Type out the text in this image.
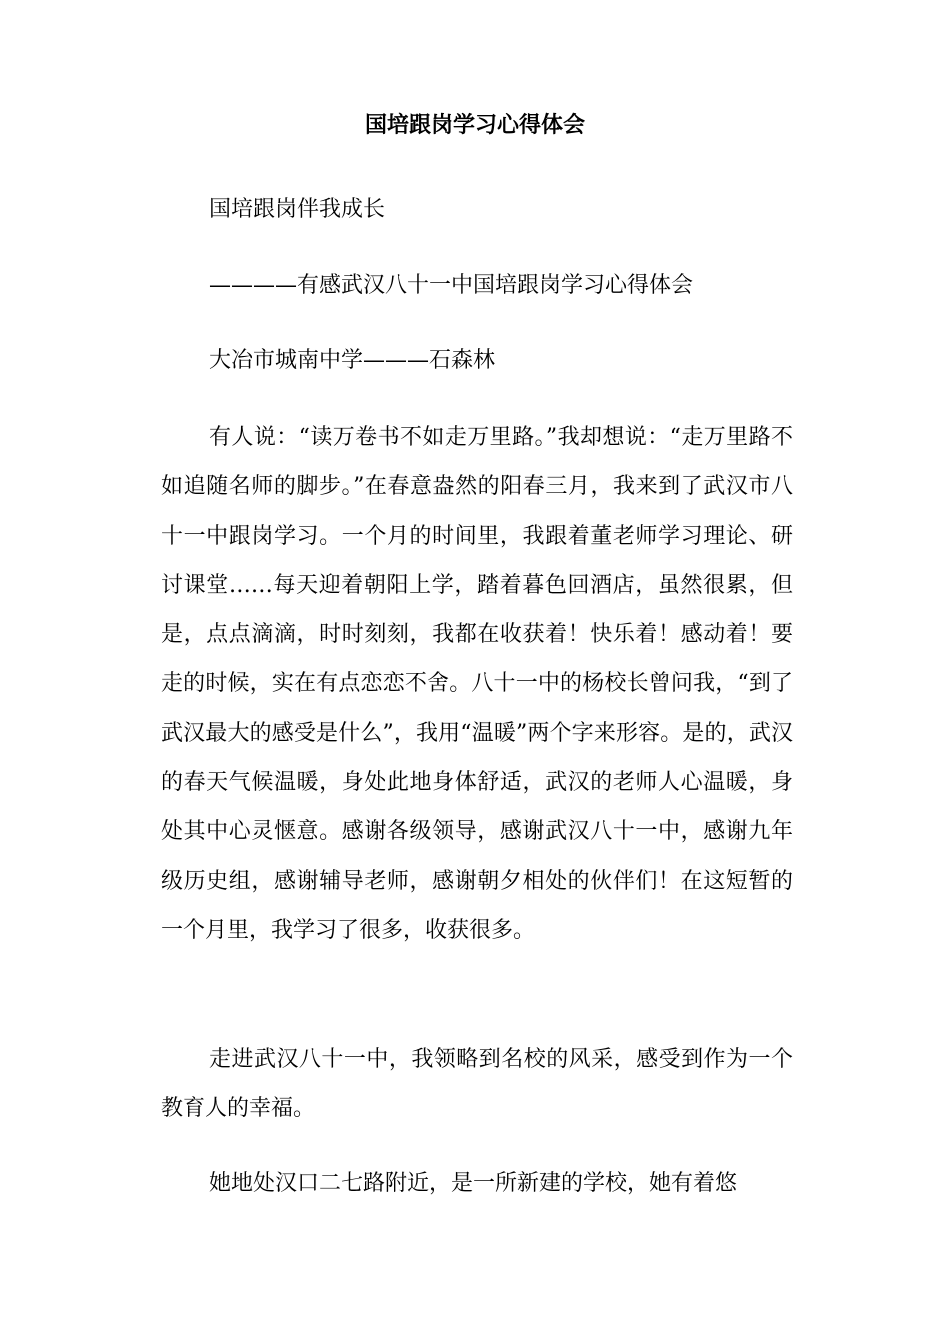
国培跟岗学习心得体会
国培跟岗伴我成长
————有感武汉八十一中国培跟岗学习心得体会
大冶市城南中学———石森林

有人说：“读万卷书不如走万里路。”我却想说：“走万里路不如追随名师的脚步。”在春意盎然的阳春三月，我来到了武汉市八十一中跟岗学习。一个月的时间里，我跟着董老师学习理论、研讨课堂……每天迎着朝阳上学，踏着暮色回酒店，虽然很累，但是，点点滴滴，时时刻刻，我都在收获着！快乐着！感动着！要走的时候，实在有点恋恋不舍。八十一中的杨校长曾问我，“到了武汉最大的感受是什么”，我用“温暖”两个字来形容。是的，武汉的春天气候温暖，身处此地身体舒适，武汉的老师人心温暖，身处其中心灵惬意。感谢各级领导，感谢武汉八十一中，感谢九年级历史组，感谢辅导老师，感谢朝夕相处的伙伴们！在这短暂的一个月里，我学习了很多，收获很多。

走进武汉八十一中，我领略到名校的风采，感受到作为一个教育人的幸福。

她地处汉口二七路附近，是一所新建的学校，她有着悠
